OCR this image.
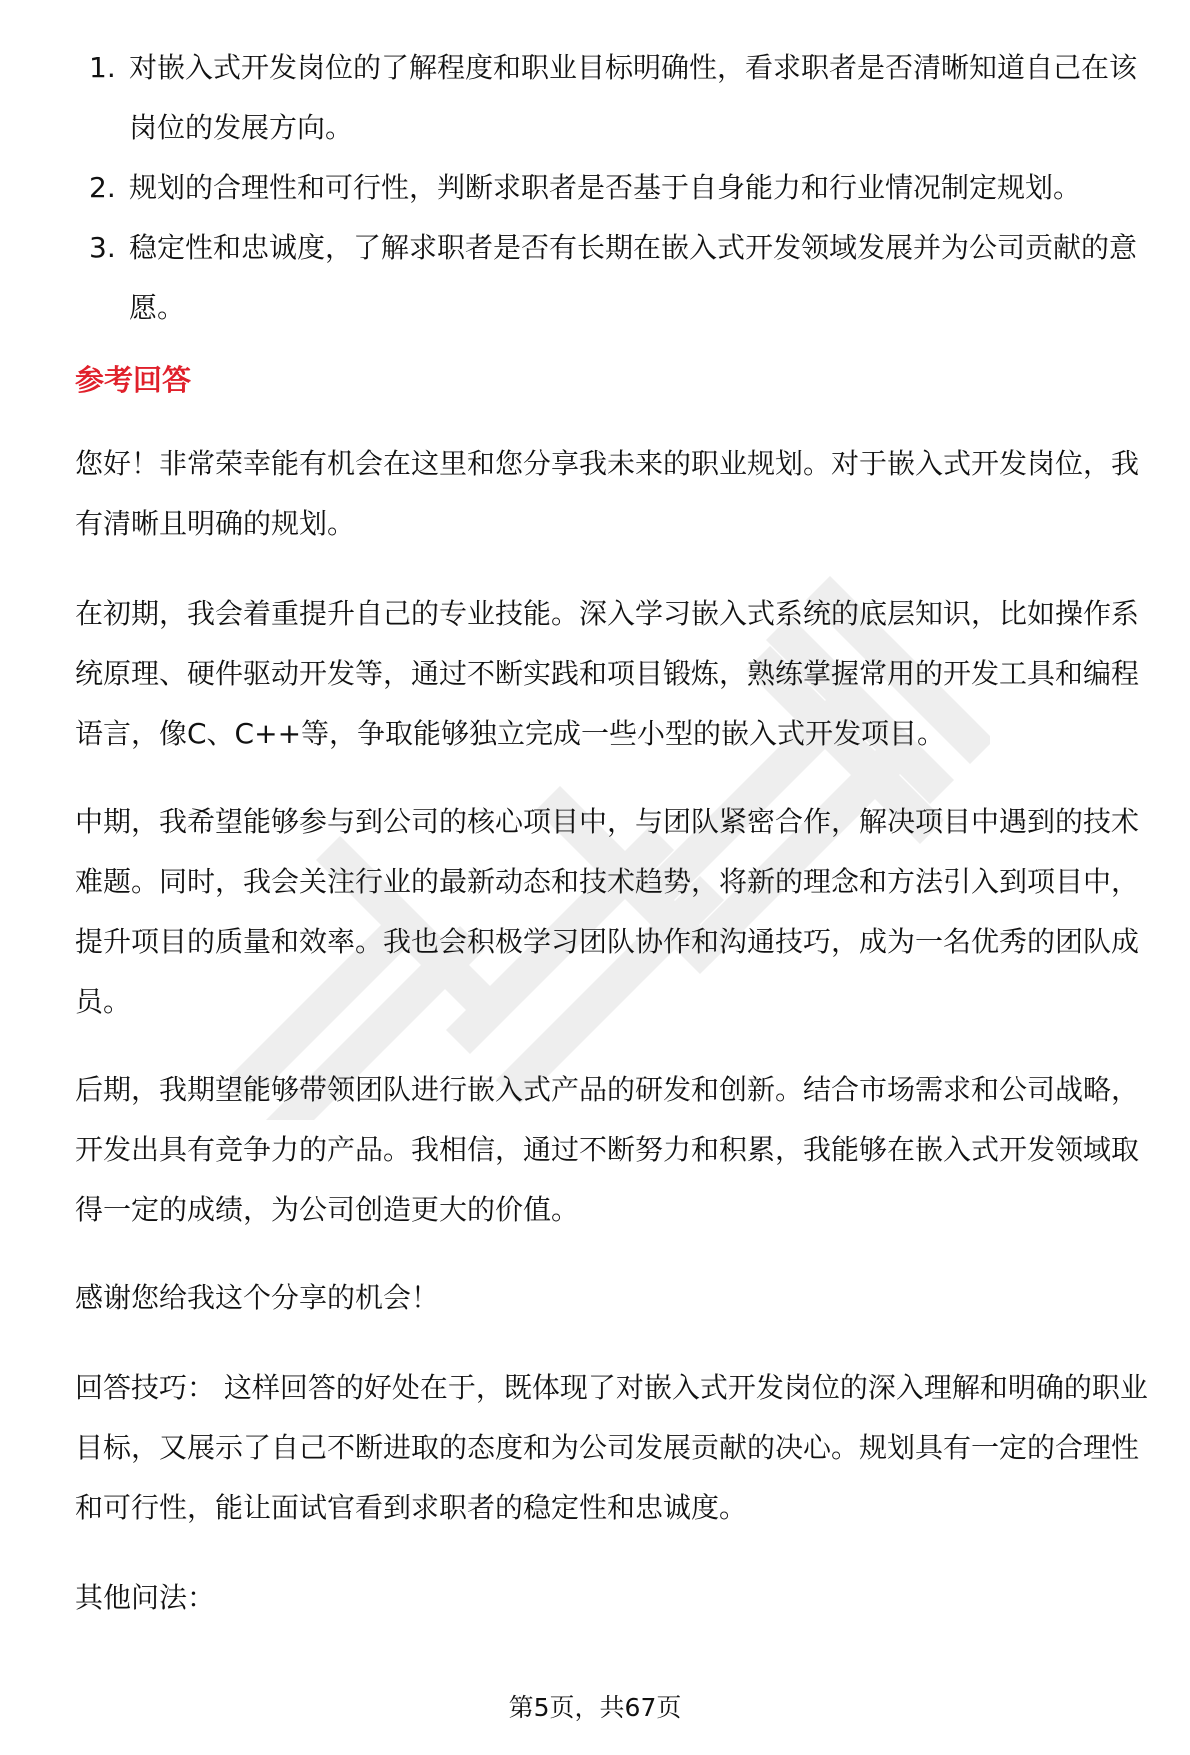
1. 对嵌入式开发岗位的了解程度和职业目标明确性，看求职者是否清晰知道自己在该岗位的发展方向。
2. 规划的合理性和可行性，判断求职者是否基于自身能力和行业情况制定规划。
3. 稳定性和忠诚度，了解求职者是否有长期在嵌入式开发领域发展并为公司贡献的意愿。
参考回答

您好！非常荣幸能有机会在这里和您分享我未来的职业规划。对于嵌入式开发岗位，我有清晰且明确的规划。

在初期，我会着重提升自己的专业技能。深入学习嵌入式系统的底层知识，比如操作系统原理、硬件驱动开发等，通过不断实践和项目锻炼，熟练掌握常用的开发工具和编程语言，像C、C++等，争取能够独立完成一些小型的嵌入式开发项目。

中期，我希望能够参与到公司的核心项目中，与团队紧密合作，解决项目中遇到的技术难题。同时，我会关注行业的最新动态和技术趋势，将新的理念和方法引入到项目中，提升项目的质量和效率。我也会积极学习团队协作和沟通技巧，成为一名优秀的团队成员。

后期，我期望能够带领团队进行嵌入式产品的研发和创新。结合市场需求和公司战略，开发出具有竞争力的产品。我相信，通过不断努力和积累，我能够在嵌入式开发领域取得一定的成绩，为公司创造更大的价值。

感谢您给我这个分享的机会！

回答技巧： 这样回答的好处在于，既体现了对嵌入式开发岗位的深入理解和明确的职业目标，又展示了自己不断进取的态度和为公司发展贡献的决心。规划具有一定的合理性和可行性，能让面试官看到求职者的稳定性和忠诚度。

其他问法：

第5页，共67页
